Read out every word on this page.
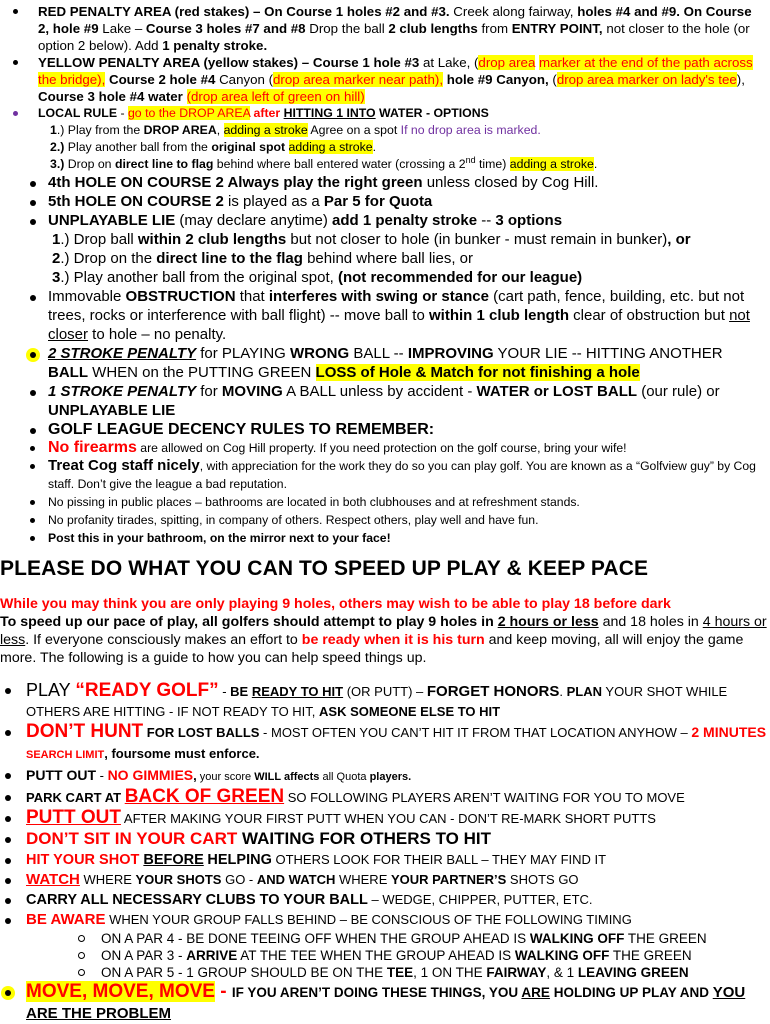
RED PENALTY AREA (red stakes) – On Course 1 holes #2 and #3. Creek along fairway, holes #4 and #9. On Course 2, hole #9 Lake – Course 3 holes #7 and #8 Drop the ball 2 club lengths from ENTRY POINT, not closer to the hole (or option 2 below). Add 1 penalty stroke.
YELLOW PENALTY AREA (yellow stakes) – Course 1 hole #3 at Lake, (drop area marker at the end of the path across the bridge), Course 2 hole #4 Canyon (drop area marker near path), hole #9 Canyon, (drop area marker on lady's tee), Course 3 hole #4 water (drop area left of green on hill)
LOCAL RULE - go to the DROP AREA after HITTING 1 INTO WATER - OPTIONS
1.) Play from the DROP AREA, adding a stroke Agree on a spot If no drop area is marked.
2.) Play another ball from the original spot adding a stroke.
3.) Drop on direct line to flag behind where ball entered water (crossing a 2nd time) adding a stroke.
4th HOLE ON COURSE 2 Always play the right green unless closed by Cog Hill.
5th HOLE ON COURSE 2 is played as a Par 5 for Quota
UNPLAYABLE LIE (may declare anytime) add 1 penalty stroke -- 3 options
1.) Drop ball within 2 club lengths but not closer to hole (in bunker - must remain in bunker), or
2.) Drop on the direct line to the flag behind where ball lies, or
3.) Play another ball from the original spot, (not recommended for our league)
Immovable OBSTRUCTION that interferes with swing or stance (cart path, fence, building, etc. but not trees, rocks or interference with ball flight) -- move ball to within 1 club length clear of obstruction but not closer to hole – no penalty.
2 STROKE PENALTY for PLAYING WRONG BALL -- IMPROVING YOUR LIE -- HITTING ANOTHER BALL WHEN on the PUTTING GREEN LOSS of Hole & Match for not finishing a hole
1 STROKE PENALTY for MOVING A BALL unless by accident - WATER or LOST BALL (our rule) or UNPLAYABLE LIE
GOLF LEAGUE DECENCY RULES TO REMEMBER:
No firearms are allowed on Cog Hill property. If you need protection on the golf course, bring your wife!
Treat Cog staff nicely, with appreciation for the work they do so you can play golf. You are known as a “Golfview guy” by Cog staff. Don’t give the league a bad reputation.
No pissing in public places – bathrooms are located in both clubhouses and at refreshment stands.
No profanity tirades, spitting, in company of others. Respect others, play well and have fun.
Post this in your bathroom, on the mirror next to your face!
PLEASE DO WHAT YOU CAN TO SPEED UP PLAY & KEEP PACE
While you may think you are only playing 9 holes, others may wish to be able to play 18 before dark
To speed up our pace of play, all golfers should attempt to play 9 holes in 2 hours or less and 18 holes in 4 hours or less. If everyone consciously makes an effort to be ready when it is his turn and keep moving, all will enjoy the game more. The following is a guide to how you can help speed things up.
PLAY “READY GOLF” - BE READY TO HIT (OR PUTT) – FORGET HONORS. PLAN YOUR SHOT WHILE OTHERS ARE HITTING - IF NOT READY TO HIT, ASK SOMEONE ELSE TO HIT
DON’T HUNT FOR LOST BALLS - MOST OFTEN YOU CAN’T HIT IT FROM THAT LOCATION ANYHOW – 2 MINUTES SEARCH LIMIT, foursome must enforce.
PUTT OUT - NO GIMMIES, your score WILL affects all Quota players.
PARK CART AT BACK OF GREEN SO FOLLOWING PLAYERS AREN’T WAITING FOR YOU TO MOVE
PUTT OUT AFTER MAKING YOUR FIRST PUTT WHEN YOU CAN - DON’T RE-MARK SHORT PUTTS
DON’T SIT IN YOUR CART WAITING FOR OTHERS TO HIT
HIT YOUR SHOT BEFORE HELPING OTHERS LOOK FOR THEIR BALL – THEY MAY FIND IT
WATCH WHERE YOUR SHOTS GO - AND WATCH WHERE YOUR PARTNER’S SHOTS GO
CARRY ALL NECESSARY CLUBS TO YOUR BALL – WEDGE, CHIPPER, PUTTER, ETC.
BE AWARE WHEN YOUR GROUP FALLS BEHIND – BE CONSCIOUS OF THE FOLLOWING TIMING
ON A PAR 4 - BE DONE TEEING OFF WHEN THE GROUP AHEAD IS WALKING OFF THE GREEN
ON A PAR 3 - ARRIVE AT THE TEE WHEN THE GROUP AHEAD IS WALKING OFF THE GREEN
ON A PAR 5 - 1 GROUP SHOULD BE ON THE TEE, 1 ON THE FAIRWAY, & 1 LEAVING GREEN
MOVE, MOVE, MOVE - IF YOU AREN’T DOING THESE THINGS, YOU ARE HOLDING UP PLAY AND YOU ARE THE PROBLEM
